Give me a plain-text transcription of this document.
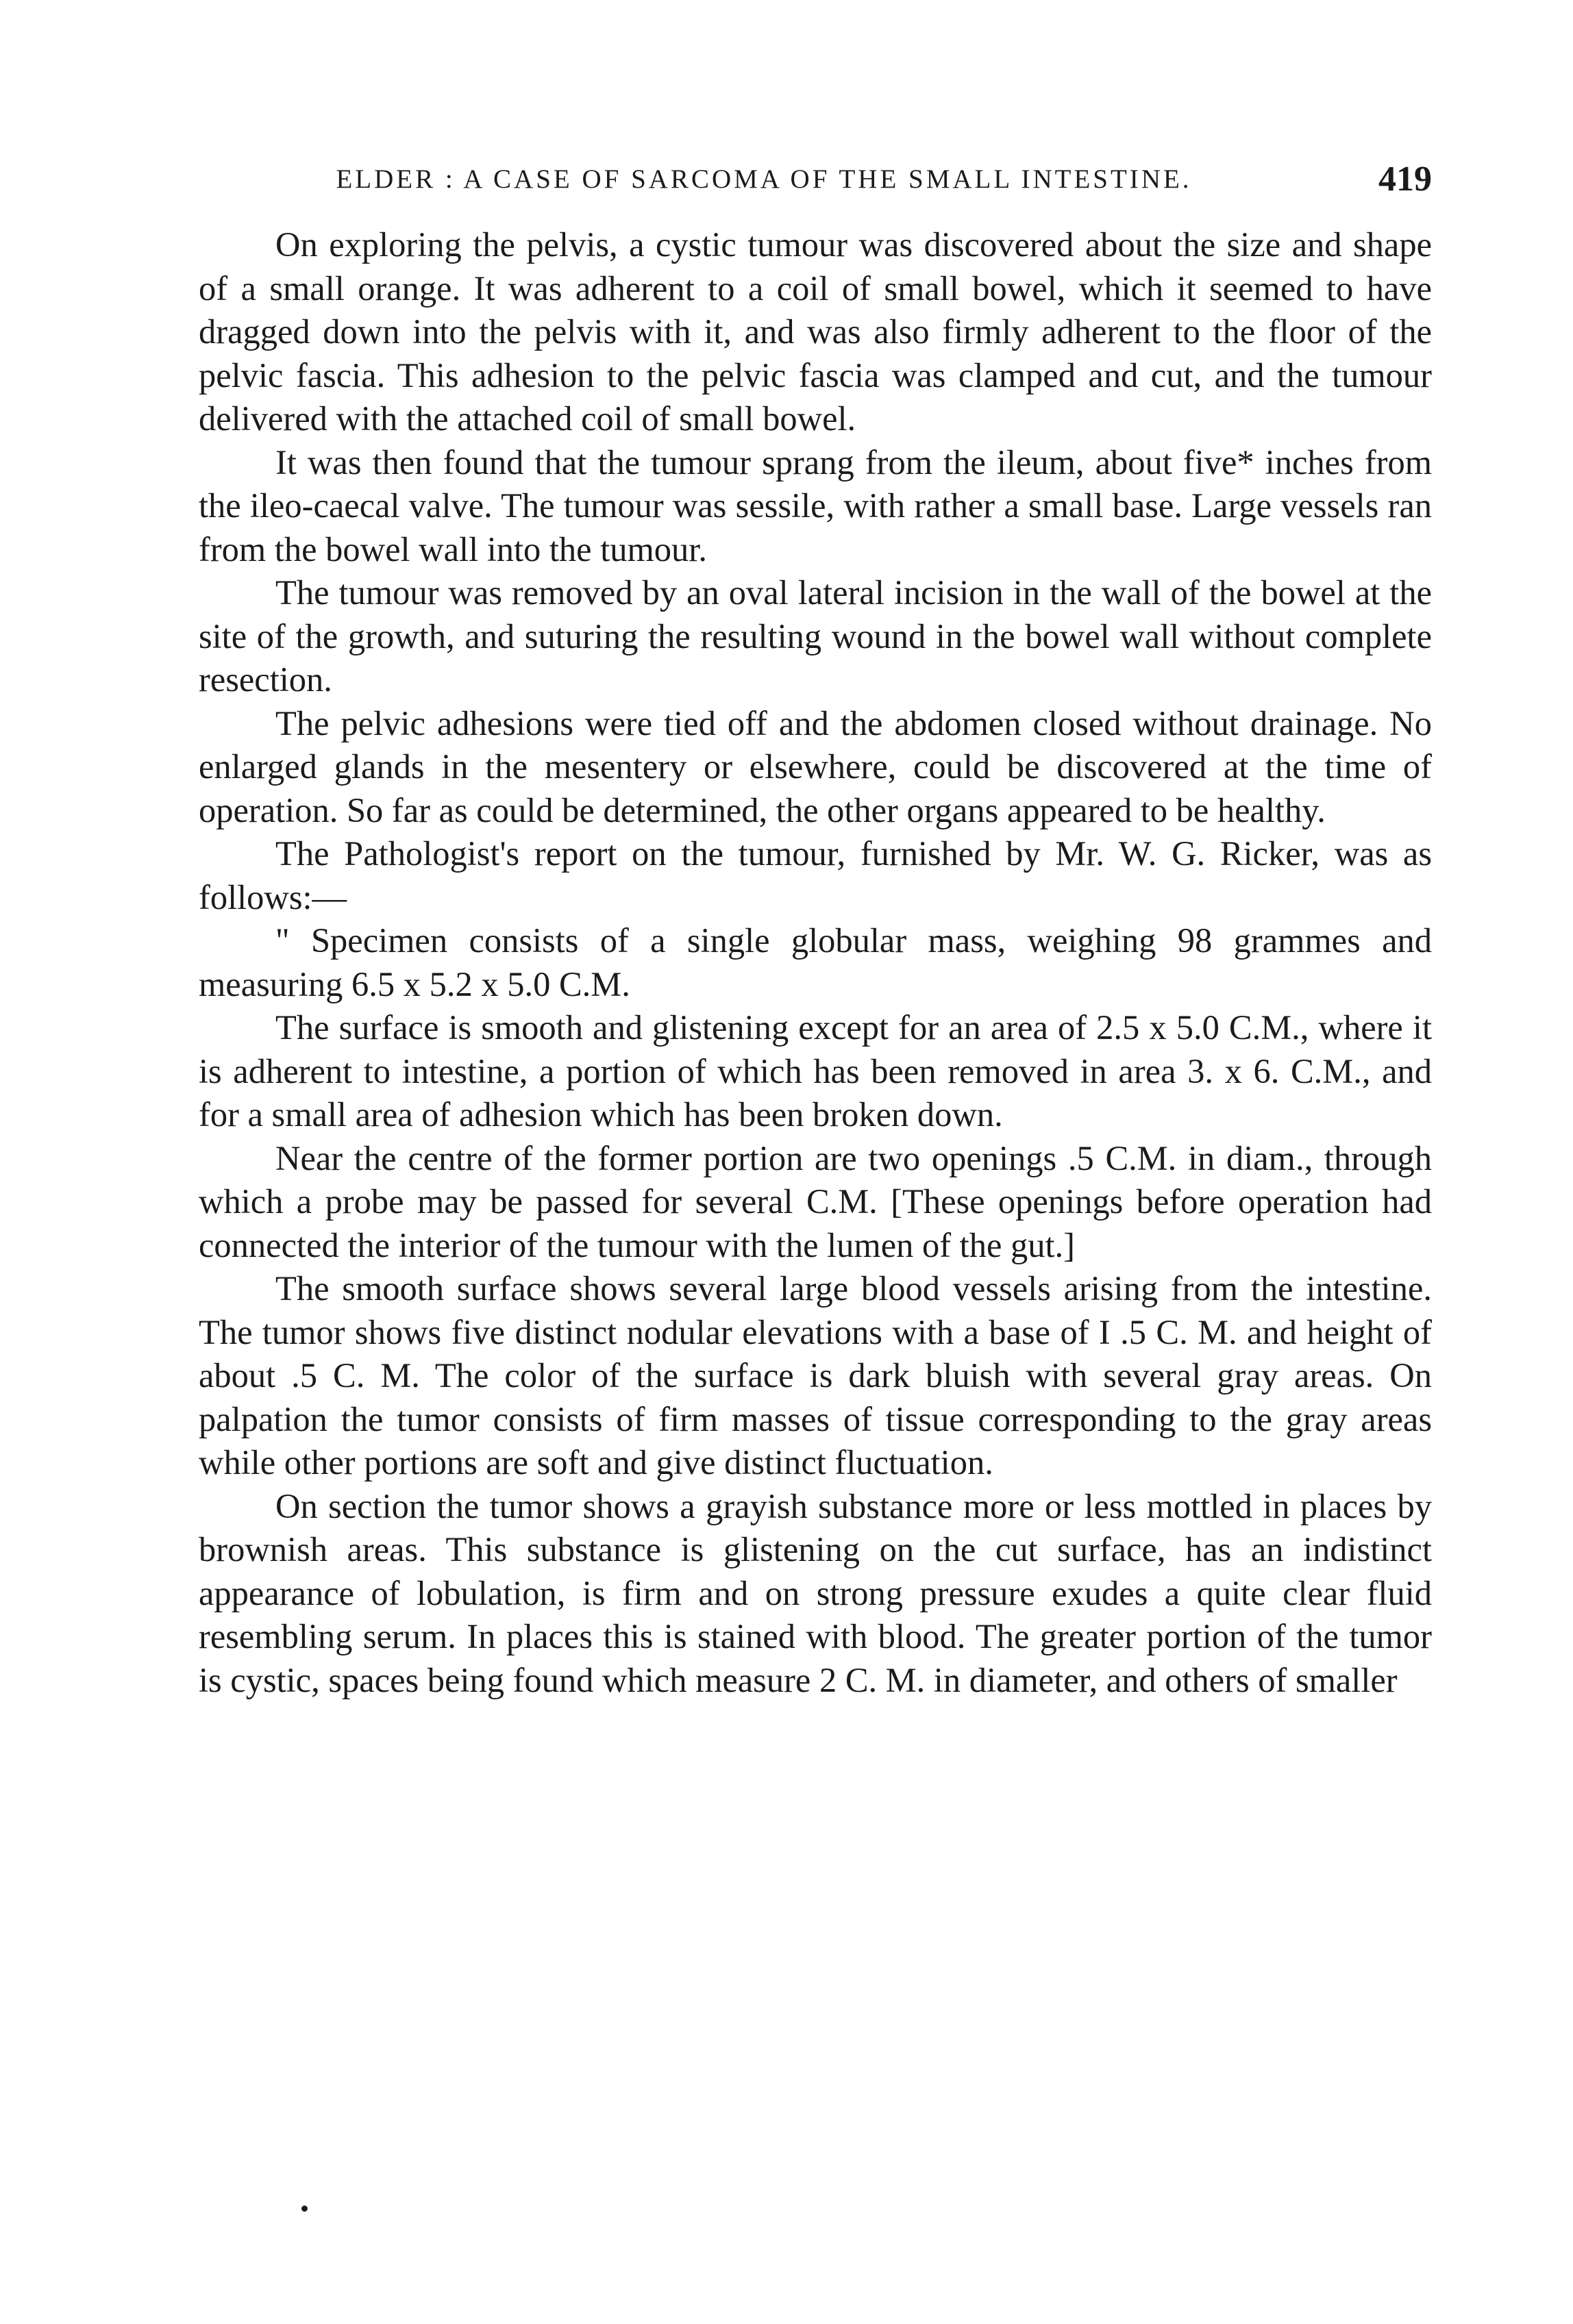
ELDER : A CASE OF SARCOMA OF THE SMALL INTESTINE.	419

On exploring the pelvis, a cystic tumour was discovered about the size and shape of a small orange. It was adherent to a coil of small bowel, which it seemed to have dragged down into the pelvis with it, and was also firmly adherent to the floor of the pelvic fascia. This adhesion to the pelvic fascia was clamped and cut, and the tumour delivered with the attached coil of small bowel.

It was then found that the tumour sprang from the ileum, about five* inches from the ileo-caecal valve. The tumour was sessile, with rather a small base. Large vessels ran from the bowel wall into the tumour.

The tumour was removed by an oval lateral incision in the wall of the bowel at the site of the growth, and suturing the resulting wound in the bowel wall without complete resection.

The pelvic adhesions were tied off and the abdomen closed without drainage. No enlarged glands in the mesentery or elsewhere, could be discovered at the time of operation. So far as could be determined, the other organs appeared to be healthy.

The Pathologist's report on the tumour, furnished by Mr. W. G. Ricker, was as follows:—

" Specimen consists of a single globular mass, weighing 98 grammes and measuring 6.5 x 5.2 x 5.0 C.M.

The surface is smooth and glistening except for an area of 2.5 x 5.0 C.M., where it is adherent to intestine, a portion of which has been removed in area 3. x 6. C.M., and for a small area of adhesion which has been broken down.

Near the centre of the former portion are two openings .5 C.M. in diam., through which a probe may be passed for several C.M. [These openings before operation had connected the interior of the tumour with the lumen of the gut.]

The smooth surface shows several large blood vessels arising from the intestine. The tumor shows five distinct nodular elevations with a base of I .5 C. M. and height of about .5 C. M. The color of the surface is dark bluish with several gray areas. On palpation the tumor consists of firm masses of tissue corresponding to the gray areas while other portions are soft and give distinct fluctuation.

On section the tumor shows a grayish substance more or less mottled in places by brownish areas. This substance is glistening on the cut surface, has an indistinct appearance of lobulation, is firm and on strong pressure exudes a quite clear fluid resembling serum. In places this is stained with blood. The greater portion of the tumor is cystic, spaces being found which measure 2 C. M. in diameter, and others of smaller
